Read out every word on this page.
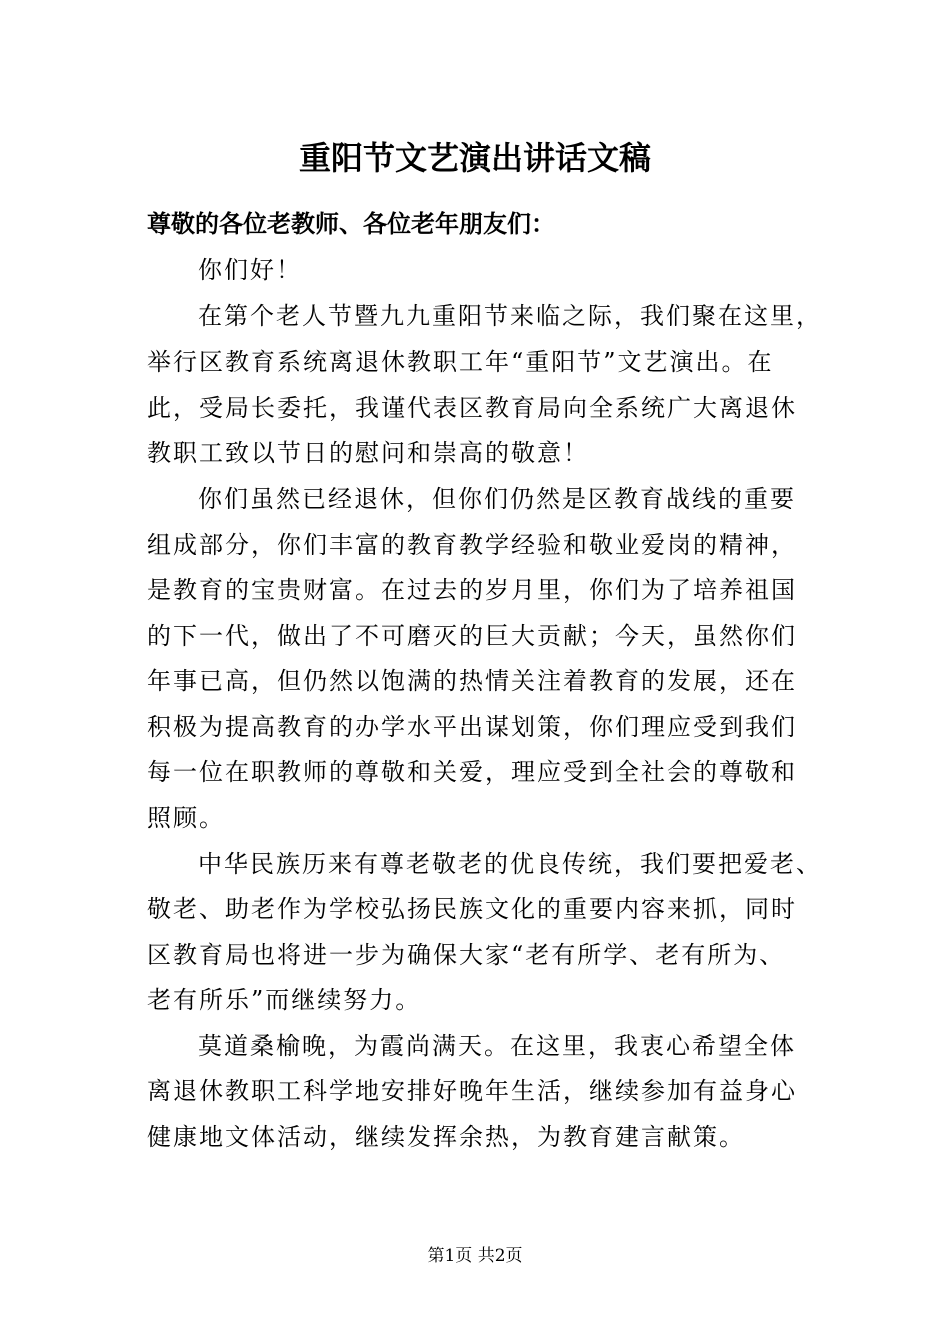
重阳节文艺演出讲话文稿
尊敬的各位老教师、各位老年朋友们：
你们好！
在第个老人节暨九九重阳节来临之际，我们聚在这里，
举行区教育系统离退休教职工年“重阳节”文艺演出。在
此，受局长委托，我谨代表区教育局向全系统广大离退休
教职工致以节日的慰问和崇高的敬意！
你们虽然已经退休，但你们仍然是区教育战线的重要
组成部分，你们丰富的教育教学经验和敬业爱岗的精神，
是教育的宝贵财富。在过去的岁月里，你们为了培养祖国
的下一代，做出了不可磨灭的巨大贡献；今天，虽然你们
年事已高，但仍然以饱满的热情关注着教育的发展，还在
积极为提高教育的办学水平出谋划策，你们理应受到我们
每一位在职教师的尊敬和关爱，理应受到全社会的尊敬和
照顾。
中华民族历来有尊老敬老的优良传统，我们要把爱老、
敬老、助老作为学校弘扬民族文化的重要内容来抓，同时
区教育局也将进一步为确保大家“老有所学、老有所为、
老有所乐”而继续努力。
莫道桑榆晚，为霞尚满天。在这里，我衷心希望全体
离退休教职工科学地安排好晚年生活，继续参加有益身心
健康地文体活动，继续发挥余热，为教育建言献策。
第1页 共2页
